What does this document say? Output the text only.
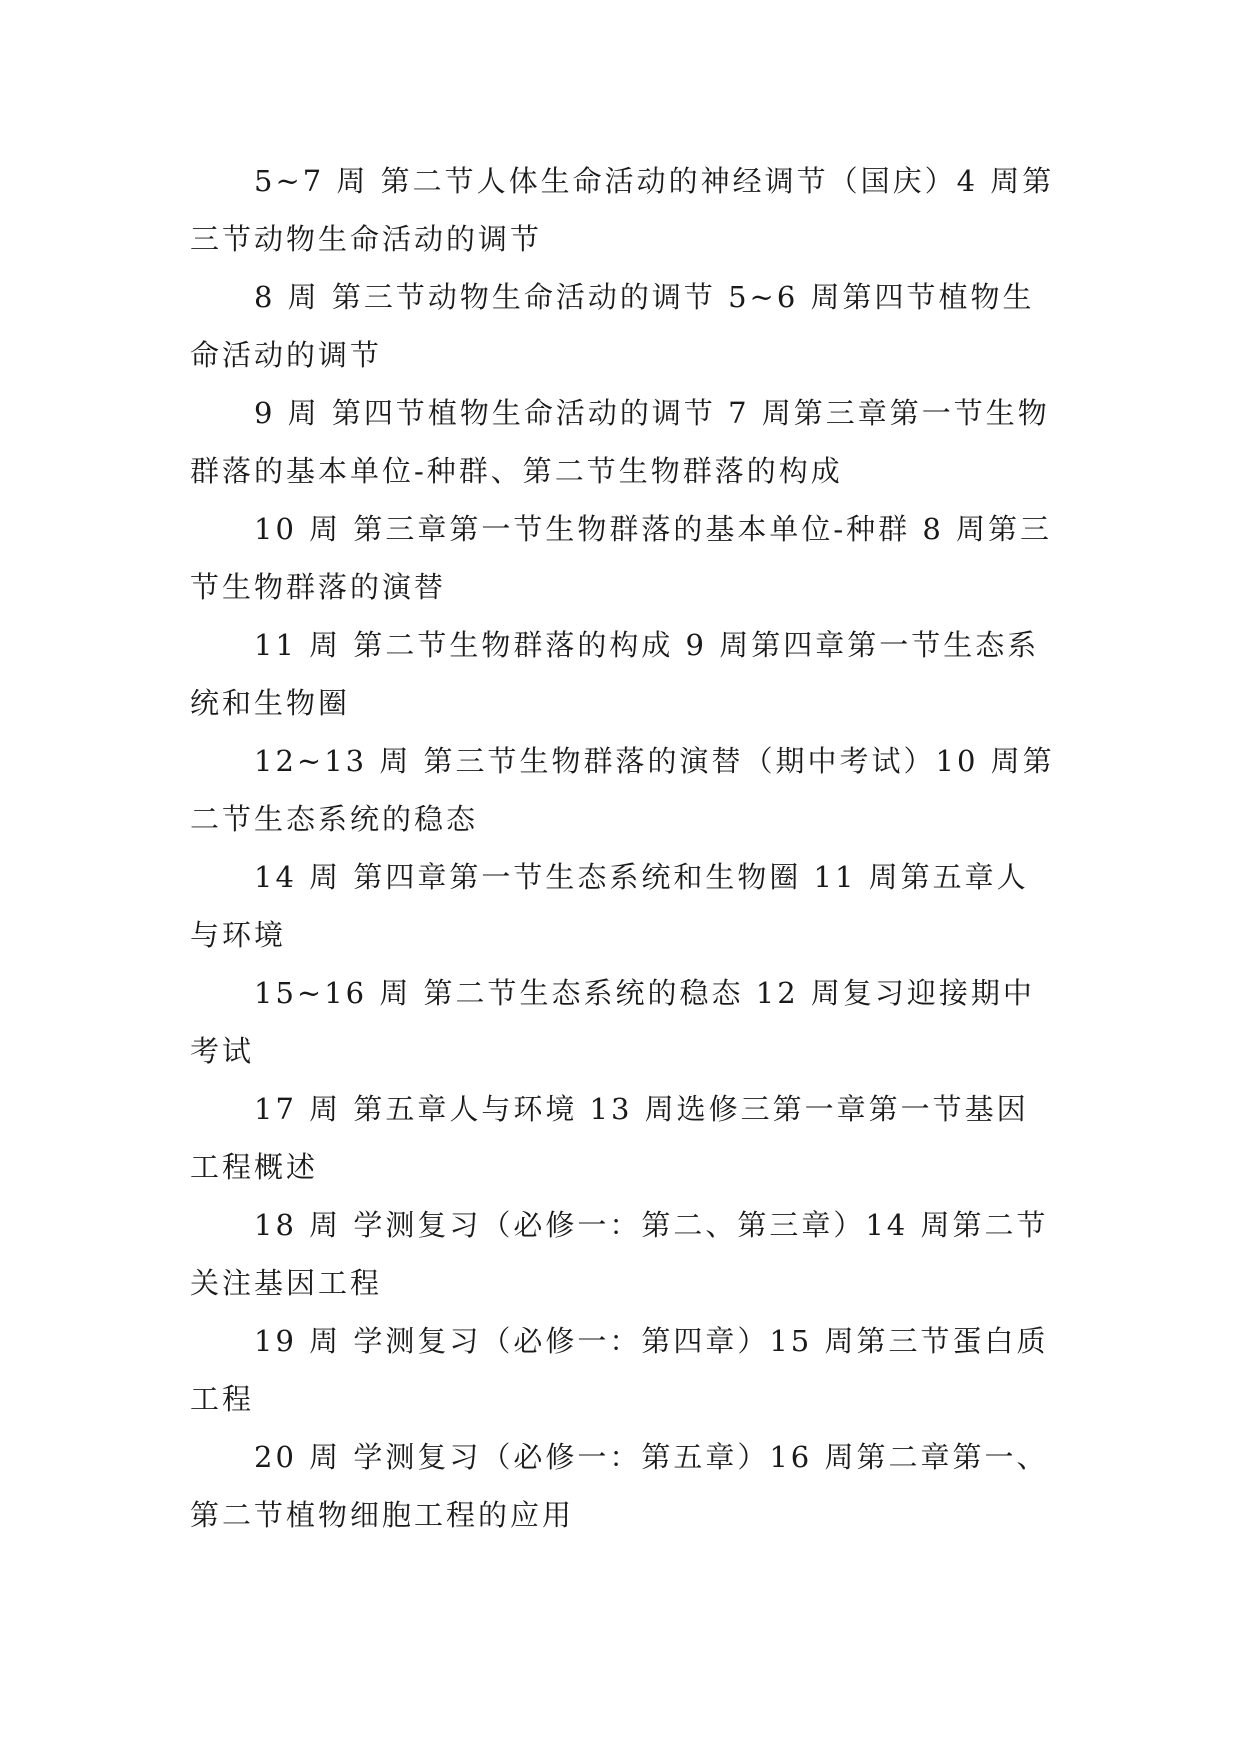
5~7 周 第二节人体生命活动的神经调节（国庆）4 周第三节动物生命活动的调节

8 周 第三节动物生命活动的调节 5~6 周第四节植物生命活动的调节

9 周 第四节植物生命活动的调节 7 周第三章第一节生物群落的基本单位-种群、第二节生物群落的构成

10 周 第三章第一节生物群落的基本单位-种群 8 周第三节生物群落的演替

11 周 第二节生物群落的构成 9 周第四章第一节生态系统和生物圈

12~13 周 第三节生物群落的演替（期中考试）10 周第二节生态系统的稳态

14 周 第四章第一节生态系统和生物圈 11 周第五章人与环境

15~16 周 第二节生态系统的稳态 12 周复习迎接期中考试

17 周 第五章人与环境 13 周选修三第一章第一节基因工程概述

18 周 学测复习（必修一：第二、第三章）14 周第二节关注基因工程

19 周 学测复习（必修一：第四章）15 周第三节蛋白质工程

20 周 学测复习（必修一：第五章）16 周第二章第一、第二节植物细胞工程的应用
